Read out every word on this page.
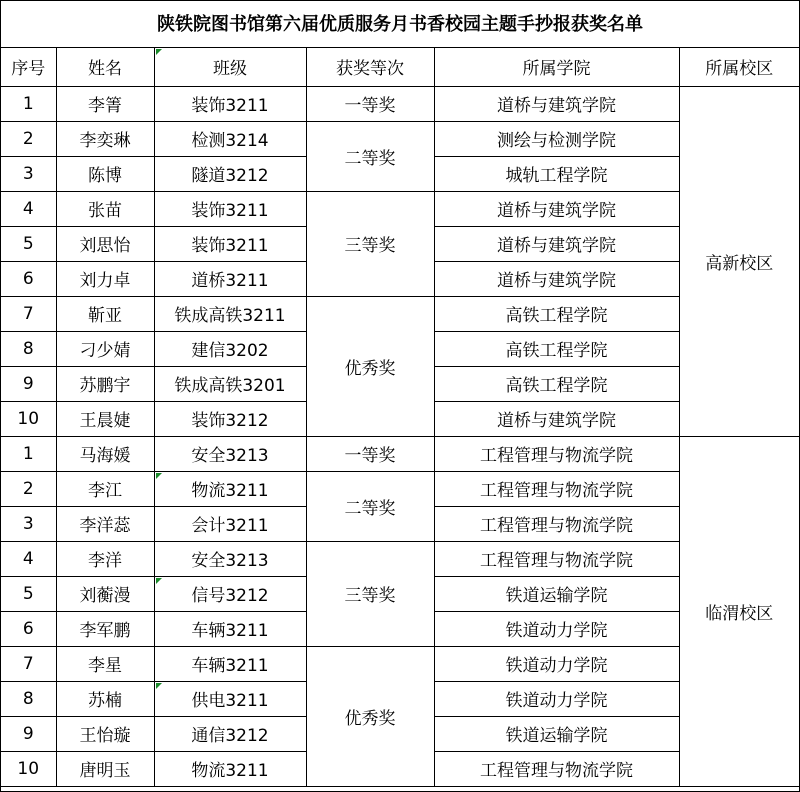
陕铁院图书馆第六届优质服务月书香校园主题手抄报获奖名单
序号	姓名	班级	获奖等次	所属学院	所属校区
1	李箐	装饰3211	一等奖	道桥与建筑学院	高新校区
2	李奕琳	检测3214	二等奖	测绘与检测学院	
3	陈博	隧道3212		城轨工程学院	
4	张苗	装饰3211	三等奖	道桥与建筑学院	
5	刘思怡	装饰3211		道桥与建筑学院	
6	刘力卓	道桥3211		道桥与建筑学院	
7	靳亚	铁成高铁3211	优秀奖	高铁工程学院	
8	刁少婧	建信3202		高铁工程学院	
9	苏鹏宇	铁成高铁3201		高铁工程学院	
10	王晨婕	装饰3212		道桥与建筑学院	
1	马海媛	安全3213	一等奖	工程管理与物流学院	临渭校区
2	李江	物流3211	二等奖	工程管理与物流学院	
3	李洋蕊	会计3211		工程管理与物流学院	
4	李洋	安全3213	三等奖	工程管理与物流学院	
5	刘蘅漫	信号3212		铁道运输学院	
6	李军鹏	车辆3211		铁道动力学院	
7	李星	车辆3211	优秀奖	铁道动力学院	
8	苏楠	供电3211		铁道动力学院	
9	王怡璇	通信3212		铁道运输学院	
10	唐明玉	物流3211		工程管理与物流学院	
